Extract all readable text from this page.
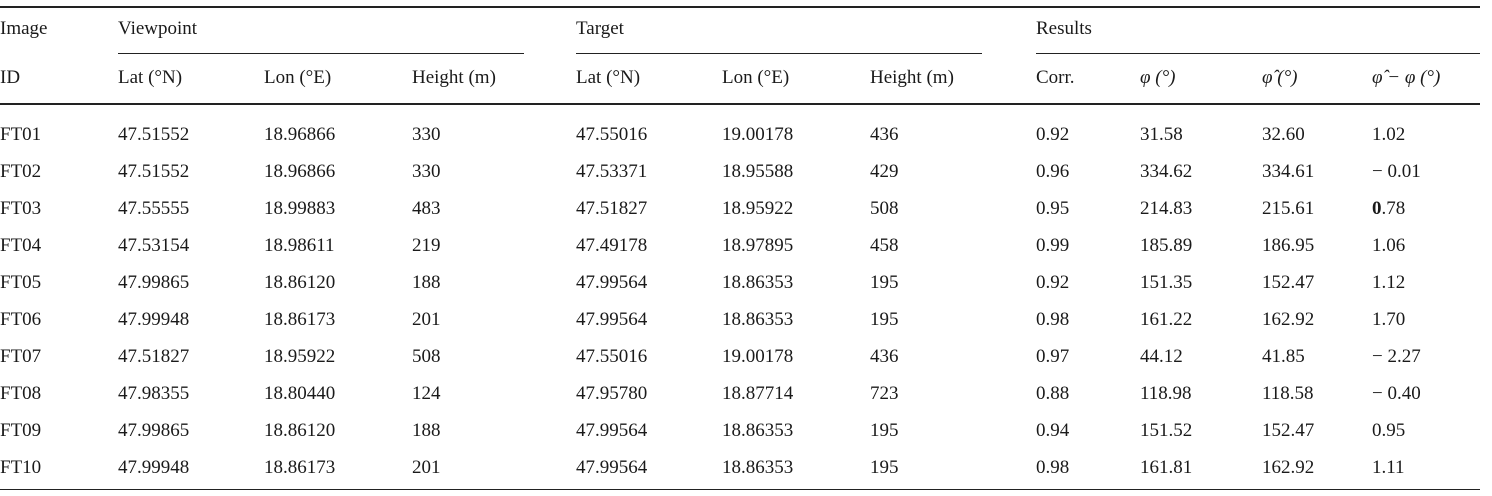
Image	Viewpoint	Target	Results
ID	Lat (°N)	Lon (°E)	Height (m)	Lat (°N)	Lon (°E)	Height (m)	Corr.	φ (°)	φ̂ (°)	φ̂ − φ (°)
FT01	47.51552	18.96866	330	47.55016	19.00178	436	0.92	31.58	32.60	1.02
FT02	47.51552	18.96866	330	47.53371	18.95588	429	0.96	334.62	334.61	− 0.01
FT03	47.55555	18.99883	483	47.51827	18.95922	508	0.95	214.83	215.61	0.78
FT04	47.53154	18.98611	219	47.49178	18.97895	458	0.99	185.89	186.95	1.06
FT05	47.99865	18.86120	188	47.99564	18.86353	195	0.92	151.35	152.47	1.12
FT06	47.99948	18.86173	201	47.99564	18.86353	195	0.98	161.22	162.92	1.70
FT07	47.51827	18.95922	508	47.55016	19.00178	436	0.97	44.12	41.85	− 2.27
FT08	47.98355	18.80440	124	47.95780	18.87714	723	0.88	118.98	118.58	− 0.40
FT09	47.99865	18.86120	188	47.99564	18.86353	195	0.94	151.52	152.47	0.95
FT10	47.99948	18.86173	201	47.99564	18.86353	195	0.98	161.81	162.92	1.11
